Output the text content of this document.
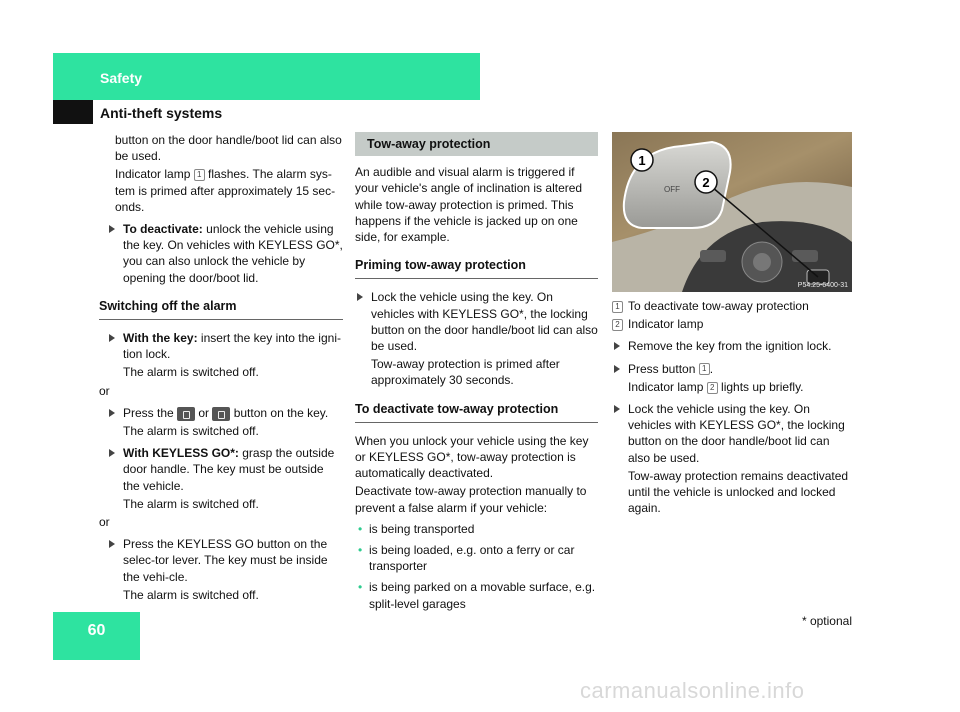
Safety
Anti-theft systems

button on the door handle/boot lid can also be used.

Indicator lamp 1 flashes. The alarm sys-tem is primed after approximately 15 sec-onds.

To deactivate: unlock the vehicle using the key. On vehicles with KEYLESS GO*, you can also unlock the vehicle by opening the door/boot lid.

Switching off the alarm

With the key: insert the key into the igni-tion lock.

The alarm is switched off.

or

Press the  or  button on the key.

The alarm is switched off.

With KEYLESS GO*: grasp the outside door handle. The key must be outside the vehicle.

The alarm is switched off.

or

Press the KEYLESS GO button on the selec-tor lever. The key must be inside the vehi-cle.

The alarm is switched off.

Tow-away protection

An audible and visual alarm is triggered if your vehicle's angle of inclination is altered while tow-away protection is primed. This happens if the vehicle is jacked up on one side, for example.

Priming tow-away protection

Lock the vehicle using the key. On vehicles with KEYLESS GO*, the locking button on the door handle/boot lid can also be used.

Tow-away protection is primed after approximately 30 seconds.

To deactivate tow-away protection

When you unlock your vehicle using the key or KEYLESS GO*, tow-away protection is automatically deactivated.

Deactivate tow-away protection manually to prevent a false alarm if your vehicle:

• is being transported

• is being loaded, e.g. onto a ferry or car transporter

• is being parked on a movable surface, e.g. split-level garages

1
2
OFF
P54.25-6400-31

1 To deactivate tow-away protection

2 Indicator lamp

Remove the key from the ignition lock.

Press button 1 .

Indicator lamp 2 lights up briefly.

Lock the vehicle using the key. On vehicles with KEYLESS GO*, the locking button on the door handle/boot lid can also be used.

Tow-away protection remains deactivated until the vehicle is unlocked and locked again.

60
* optional
carmanualsonline.info
